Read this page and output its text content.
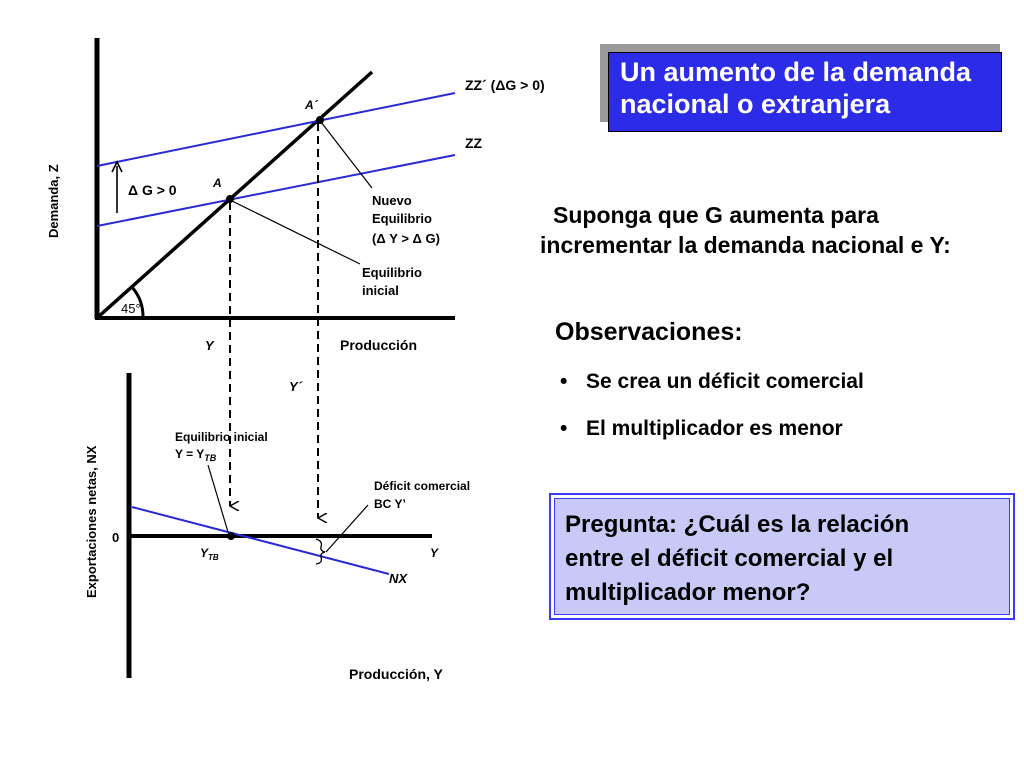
45°
Δ G > 0	A
A´
ZZ´ (ΔG > 0)
ZZ
Nuevo
Equilibrio
(Δ Y > Δ G)
Equilibrio
inicial
Demanda, Z
Producción
Y
Y´
Déficit comercial
BC Y’
Equilibrio inicial
$Y = Y_{TB}$
0
NX
$Y_{TB}$	Y
Exportaciones netas, NX
Producción, Y
Un aumento de la demanda
nacional o extranjera
Suponga que G aumenta para
incrementar la demanda nacional e Y:
Observaciones:
• Se crea un déficit comercial
• El multiplicador es menor
Pregunta: ¿Cuál es la relación
entre el déficit comercial y el
multiplicador menor?
